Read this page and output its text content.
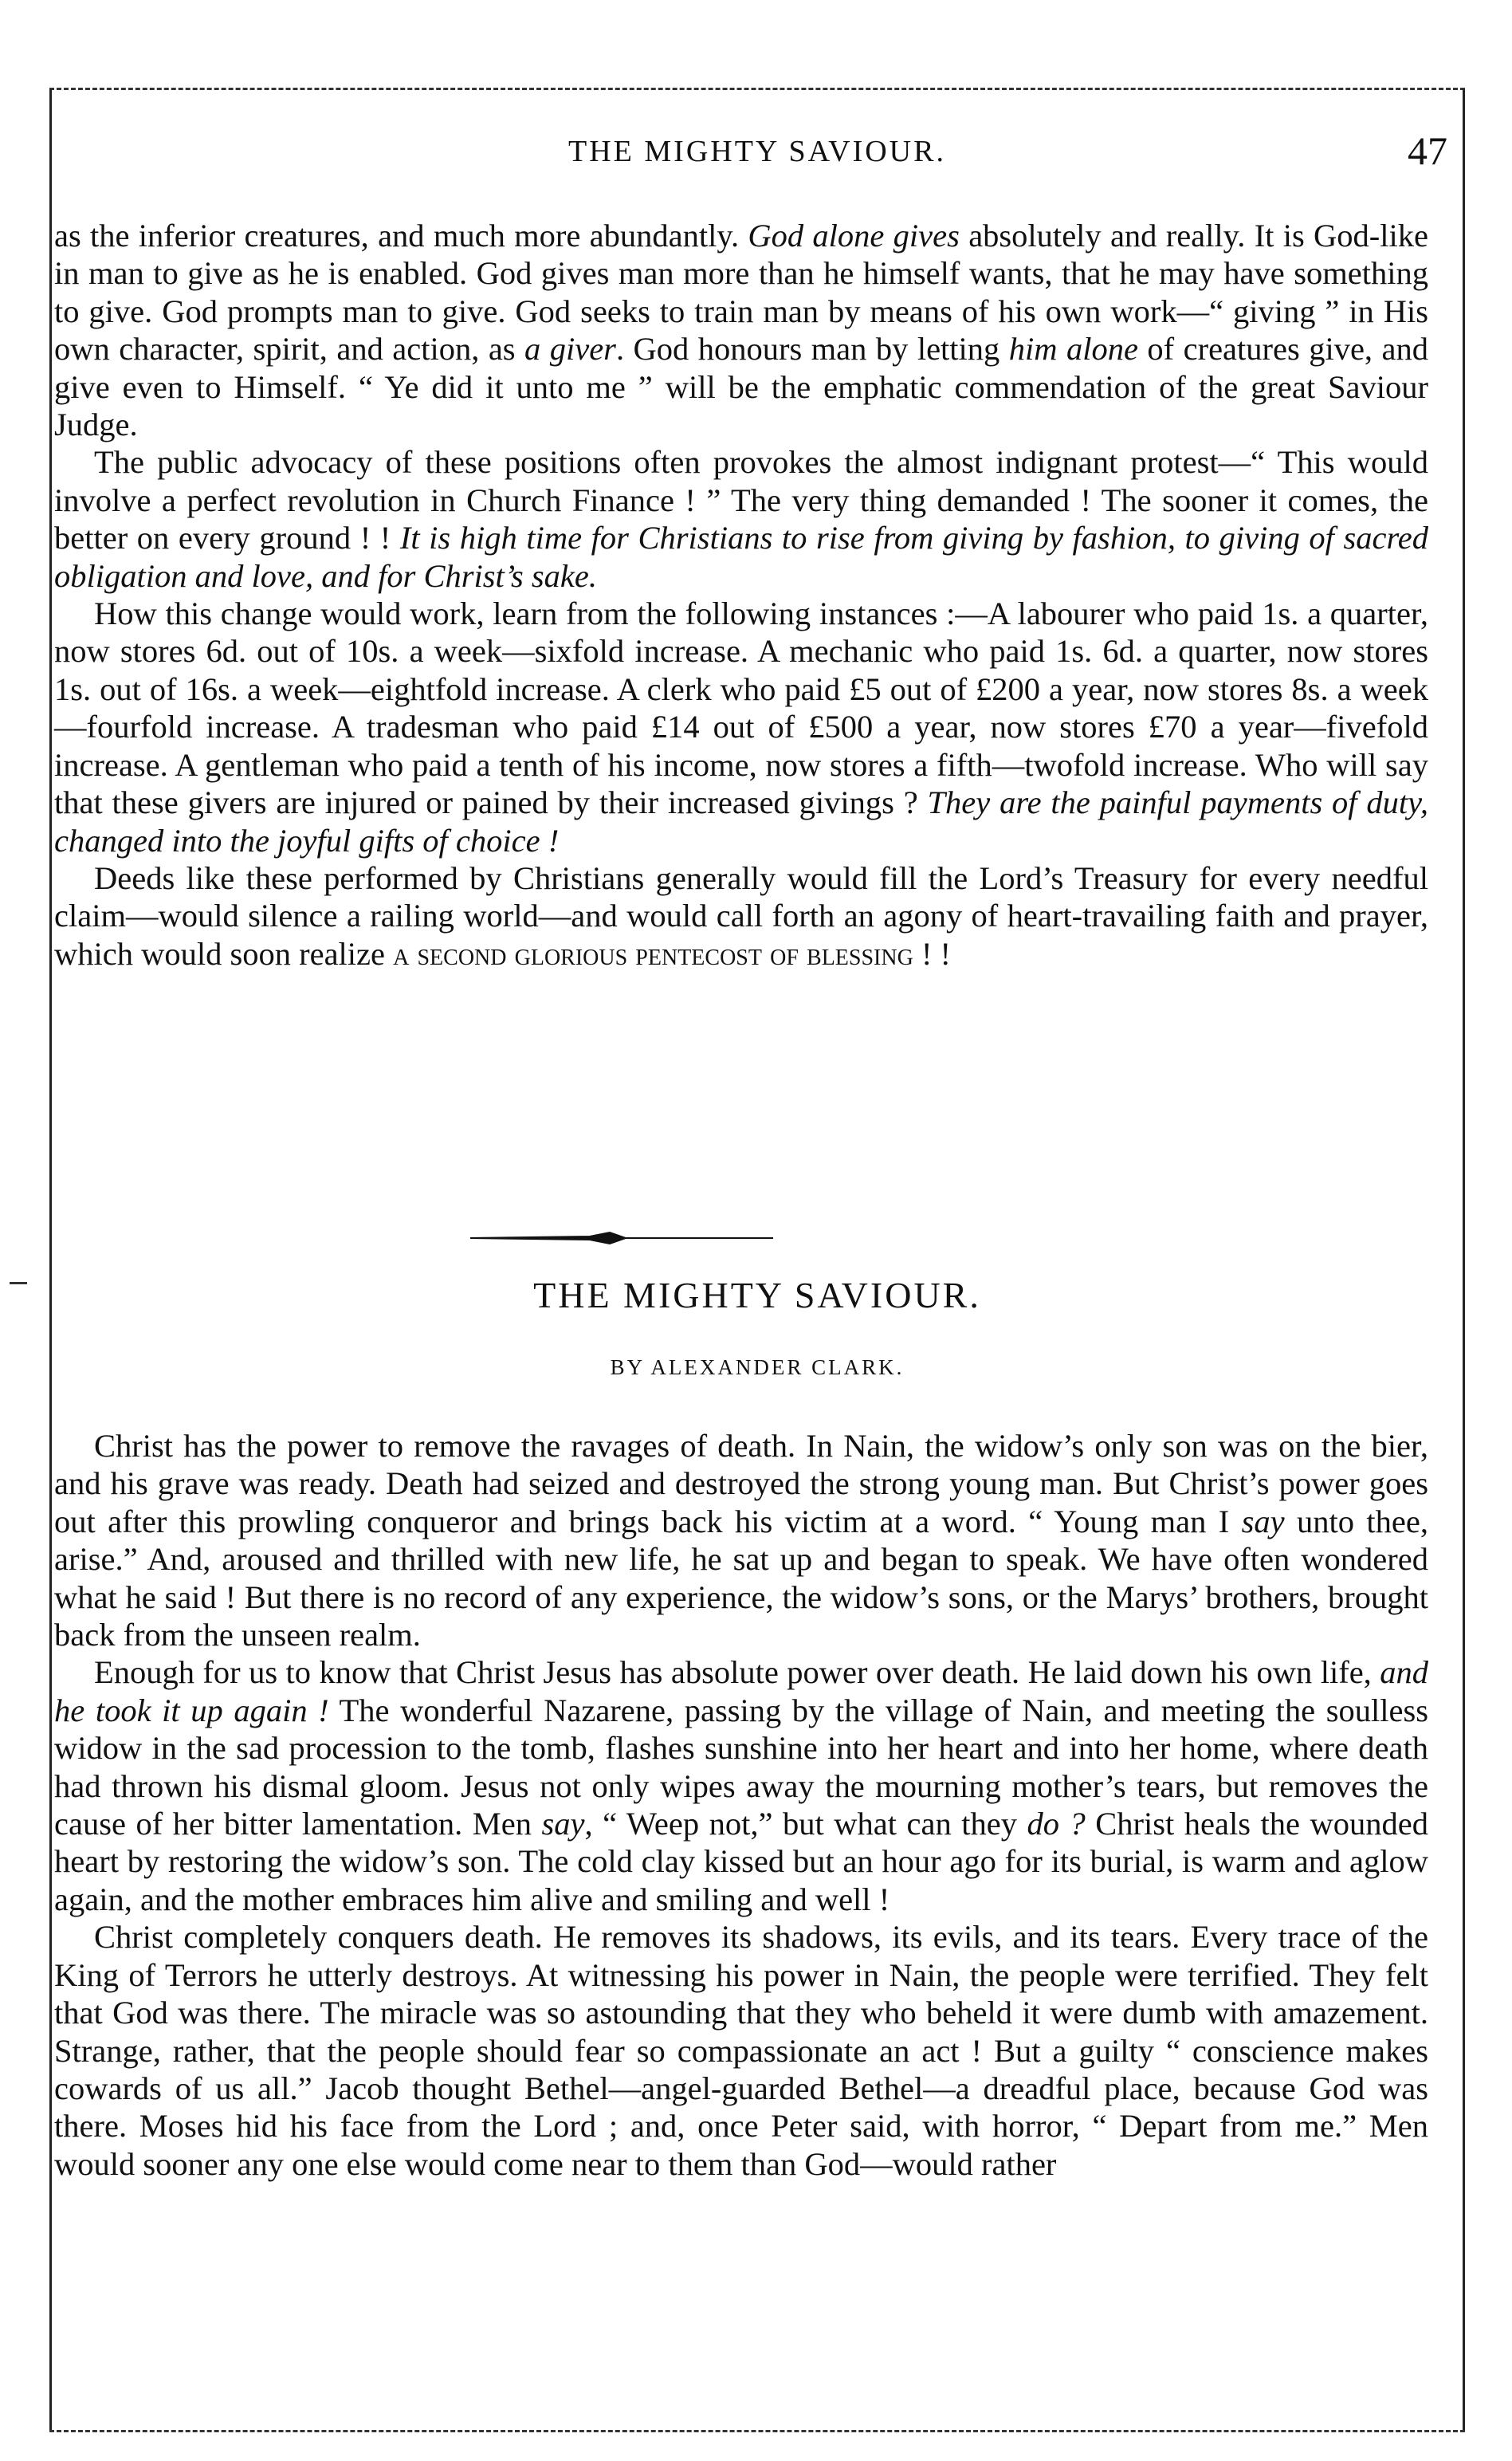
THE MIGHTY SAVIOUR.	47

as the inferior creatures, and much more abundantly. God alone gives absolutely and really. It is God-like in man to give as he is enabled. God gives man more than he himself wants, that he may have something to give. God prompts man to give. God seeks to train man by means of his own work—“ giving ” in His own character, spirit, and action, as a giver. God honours man by letting him alone of creatures give, and give even to Himself. “ Ye did it unto me ” will be the emphatic commendation of the great Saviour Judge.

The public advocacy of these positions often provokes the almost indignant protest—“ This would involve a perfect revolution in Church Finance ! ” The very thing demanded ! The sooner it comes, the better on every ground ! ! It is high time for Christians to rise from giving by fashion, to giving of sacred obligation and love, and for Christ’s sake.

How this change would work, learn from the following instances :—A labourer who paid 1s. a quarter, now stores 6d. out of 10s. a week—sixfold increase. A mechanic who paid 1s. 6d. a quarter, now stores 1s. out of 16s. a week—eightfold increase. A clerk who paid £5 out of £200 a year, now stores 8s. a week—fourfold increase. A tradesman who paid £14 out of £500 a year, now stores £70 a year—fivefold increase. A gentleman who paid a tenth of his income, now stores a fifth—twofold increase. Who will say that these givers are injured or pained by their increased givings ? They are the painful payments of duty, changed into the joyful gifts of choice !

Deeds like these performed by Christians generally would fill the Lord’s Treasury for every needful claim—would silence a railing world—and would call forth an agony of heart-travailing faith and prayer, which would soon realize a second glorious pentecost of blessing ! !

THE MIGHTY SAVIOUR.
BY ALEXANDER CLARK.

Christ has the power to remove the ravages of death. In Nain, the widow’s only son was on the bier, and his grave was ready. Death had seized and destroyed the strong young man. But Christ’s power goes out after this prowling conqueror and brings back his victim at a word. “ Young man I say unto thee, arise.” And, aroused and thrilled with new life, he sat up and began to speak. We have often wondered what he said ! But there is no record of any experience, the widow’s sons, or the Marys’ brothers, brought back from the unseen realm.

Enough for us to know that Christ Jesus has absolute power over death. He laid down his own life, and he took it up again ! The wonderful Nazarene, passing by the village of Nain, and meeting the soulless widow in the sad procession to the tomb, flashes sunshine into her heart and into her home, where death had thrown his dismal gloom. Jesus not only wipes away the mourning mother’s tears, but removes the cause of her bitter lamentation. Men say, “ Weep not,” but what can they do ? Christ heals the wounded heart by restoring the widow’s son. The cold clay kissed but an hour ago for its burial, is warm and aglow again, and the mother embraces him alive and smiling and well !

Christ completely conquers death. He removes its shadows, its evils, and its tears. Every trace of the King of Terrors he utterly destroys. At witnessing his power in Nain, the people were terrified. They felt that God was there. The miracle was so astounding that they who beheld it were dumb with amazement. Strange, rather, that the people should fear so compassionate an act ! But a guilty “ conscience makes cowards of us all.” Jacob thought Bethel—angel-guarded Bethel—a dreadful place, because God was there. Moses hid his face from the Lord ; and, once Peter said, with horror, “ Depart from me.” Men would sooner any one else would come near to them than God—would rather
